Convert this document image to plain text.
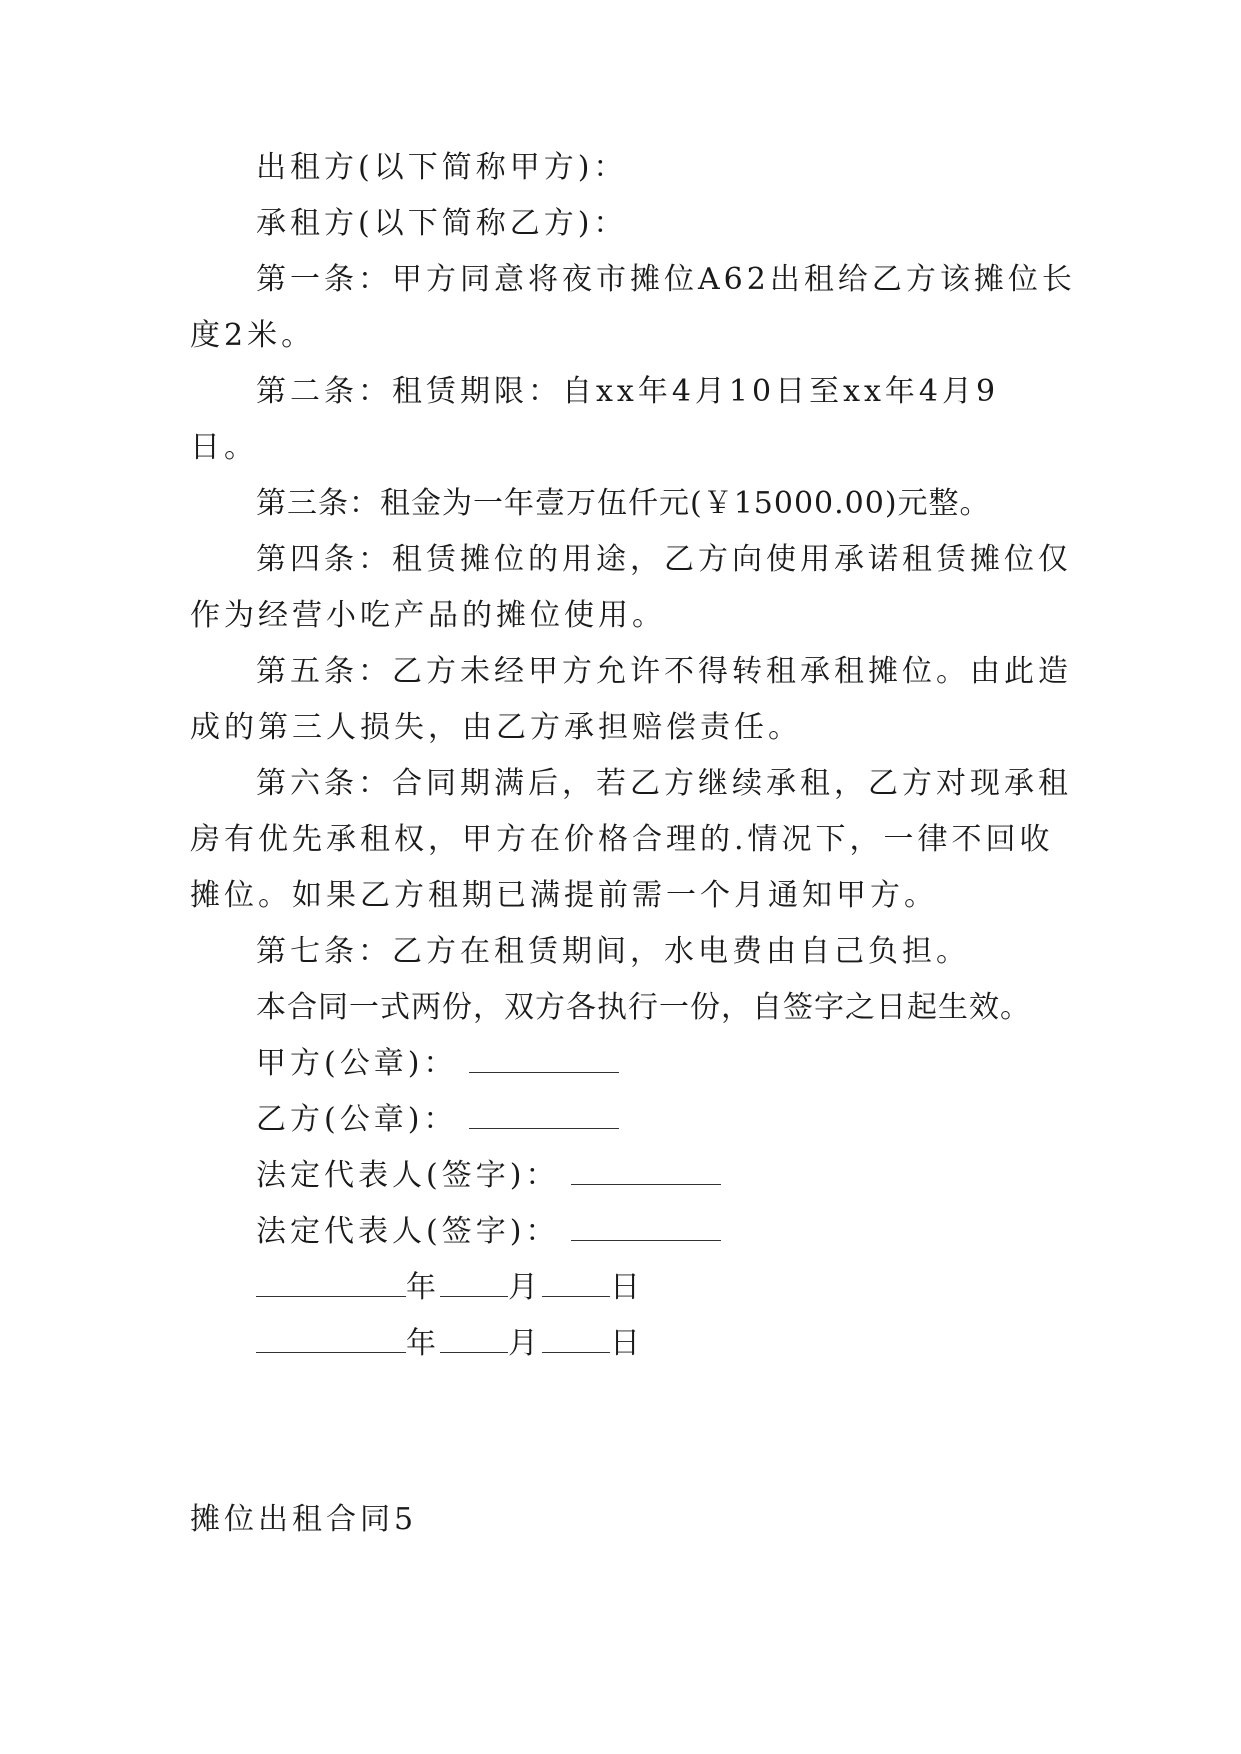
出租方(以下简称甲方)：
承租方(以下简称乙方)：
第一条：甲方同意将夜市摊位A62出租给乙方该摊位长
度2米。
第二条：租赁期限：自xx年4月10日至xx年4月9
日。
第三条：租金为一年壹万伍仟元(￥15000.00)元整。
第四条：租赁摊位的用途，乙方向使用承诺租赁摊位仅
作为经营小吃产品的摊位使用。
第五条：乙方未经甲方允许不得转租承租摊位。由此造
成的第三人损失，由乙方承担赔偿责任。
第六条：合同期满后，若乙方继续承租，乙方对现承租
房有优先承租权，甲方在价格合理的.情况下，一律不回收
摊位。如果乙方租期已满提前需一个月通知甲方。
第七条：乙方在租赁期间，水电费由自己负担。
本合同一式两份，双方各执行一份，自签字之日起生效。
甲方(公章)：
乙方(公章)：
法定代表人(签字)：
法定代表人(签字)：
年 月 日
年 月 日
摊位出租合同5
